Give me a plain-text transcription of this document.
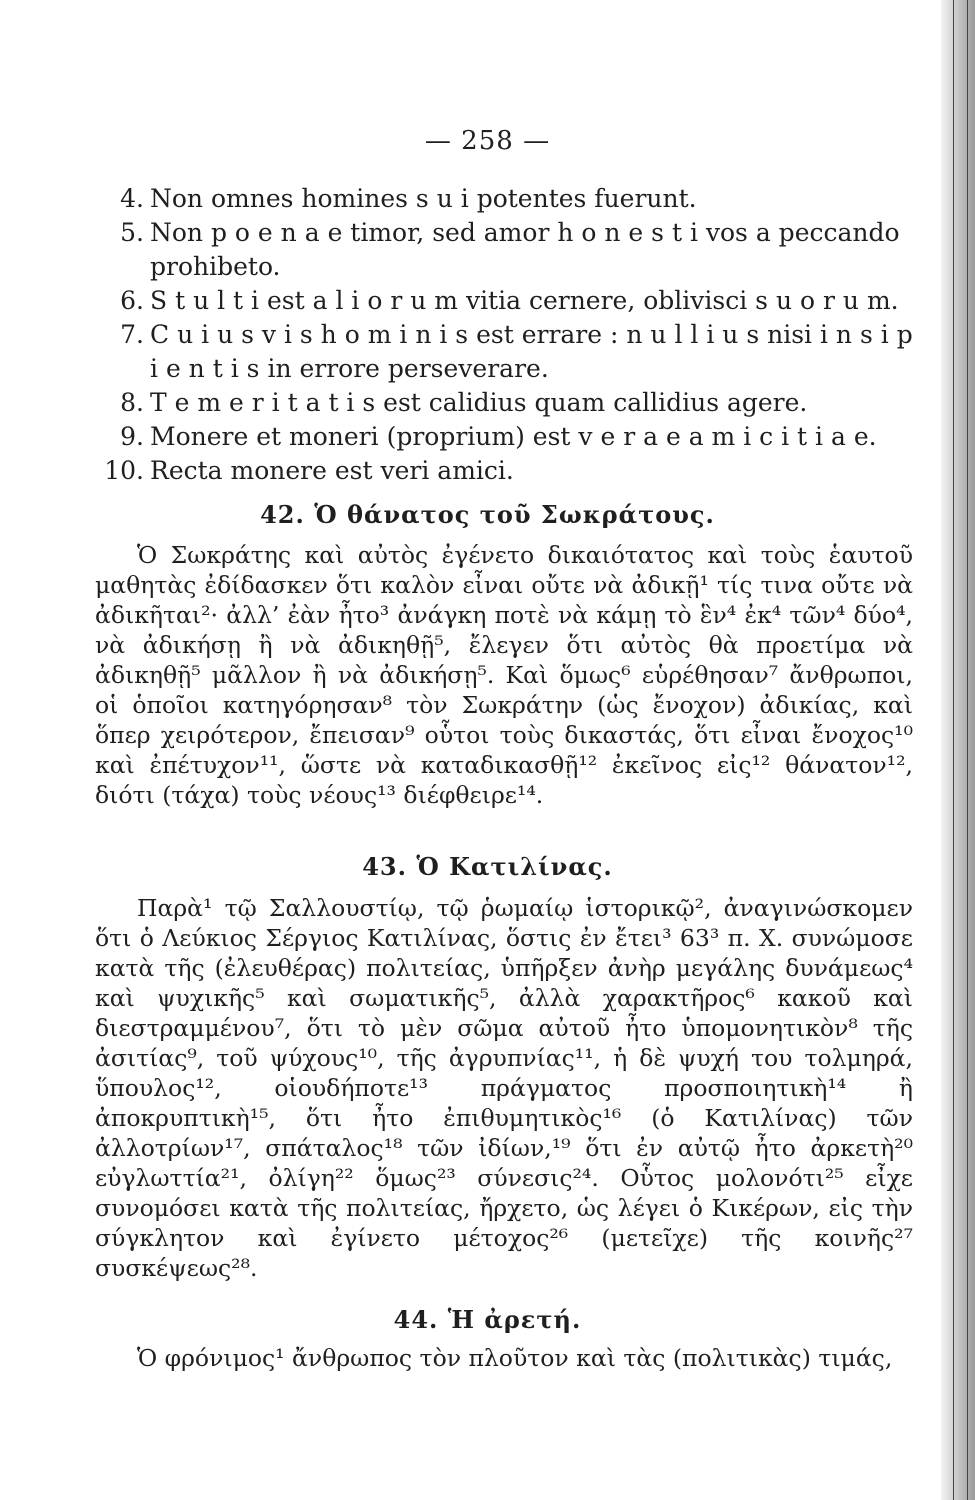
— 258 —
4. Non omnes homines s u i potentes fuerunt.
5. Non p o e n a e timor, sed amor h o n e s t i vos a peccando prohibeto.
6. S t u l t i est a l i o r u m vitia cernere, oblivisci s u o r u m.
7. C u i u s v i s h o m i n i s est errare : n u l l i u s nisi i n s i p i e n t i s in errore perseverare.
8. T e m e r i t a t i s est calidius quam callidius agere.
9. Monere et moneri (proprium) est v e r a e a m i c i t i a e.
10. Recta monere est veri amici.
42. Ὁ θάνατος τοῦ Σωκράτους.

Ὁ Σωκράτης καὶ αὐτὸς ἐγένετο δικαιότατος καὶ τοὺς ἑαυτοῦ μαθητὰς ἐδίδασκεν ὅτι καλὸν εἶναι οὔτε νὰ ἀδικῇ¹ τίς τινα οὔτε νὰ ἀδικῆται²· ἀλλ’ ἐὰν ἦτο³ ἀνάγκη ποτὲ νὰ κάμῃ τὸ ἓν⁴ ἐκ⁴ τῶν⁴ δύο⁴, νὰ ἀδικήσῃ ἢ νὰ ἀδικηθῇ⁵, ἔλεγεν ὅτι αὐτὸς θὰ προετίμα νὰ ἀδικηθῇ⁵ μᾶλλον ἢ νὰ ἀδικήσῃ⁵. Καὶ ὅμως⁶ εὑρέθησαν⁷ ἄνθρωποι, οἱ ὁποῖοι κατηγόρησαν⁸ τὸν Σωκράτην (ὡς ἔνοχον) ἀδικίας, καὶ ὅπερ χειρότερον, ἔπεισαν⁹ οὗτοι τοὺς δικαστάς, ὅτι εἶναι ἔνοχος¹⁰ καὶ ἐπέτυχον¹¹, ὥστε νὰ καταδικασθῇ¹² ἐκεῖνος εἰς¹² θάνατον¹², διότι (τάχα) τοὺς νέους¹³ διέφθειρε¹⁴.

43. Ὁ Κατιλίνας.

Παρὰ¹ τῷ Σαλλουστίῳ, τῷ ῥωμαίῳ ἱστορικῷ², ἀναγινώσκομεν ὅτι ὁ Λεύκιος Σέργιος Κατιλίνας, ὅστις ἐν ἔτει³ 63³ π. Χ. συνώμοσε κατὰ τῆς (ἐλευθέρας) πολιτείας, ὑπῆρξεν ἀνὴρ μεγάλης δυνάμεως⁴ καὶ ψυχικῆς⁵ καὶ σωματικῆς⁵, ἀλλὰ χαρακτῆρος⁶ κακοῦ καὶ διεστραμμένου⁷, ὅτι τὸ μὲν σῶμα αὐτοῦ ἦτο ὑπομονητικὸν⁸ τῆς ἀσιτίας⁹, τοῦ ψύχους¹⁰, τῆς ἀγρυπνίας¹¹, ἡ δὲ ψυχή του τολμηρά, ὕπουλος¹², οἱουδήποτε¹³ πράγματος προσποιητικὴ¹⁴ ἢ ἀποκρυπτικὴ¹⁵, ὅτι ἦτο ἐπιθυμητικὸς¹⁶ (ὁ Κατιλίνας) τῶν ἀλλοτρίων¹⁷, σπάταλος¹⁸ τῶν ἰδίων,¹⁹ ὅτι ἐν αὐτῷ ἦτο ἀρκετὴ²⁰ εὐγλωττία²¹, ὀλίγη²² ὅμως²³ σύνεσις²⁴. Οὗτος μολονότι²⁵ εἶχε συνομόσει κατὰ τῆς πολιτείας, ἤρχετο, ὡς λέγει ὁ Κικέρων, εἰς τὴν σύγκλητον καὶ ἐγίνετο μέτοχος²⁶ (μετεῖχε) τῆς κοινῆς²⁷ συσκέψεως²⁸.

44. Ἡ ἀρετή.

Ὁ φρόνιμος¹ ἄνθρωπος τὸν πλοῦτον καὶ τὰς (πολιτικὰς) τιμάς,
